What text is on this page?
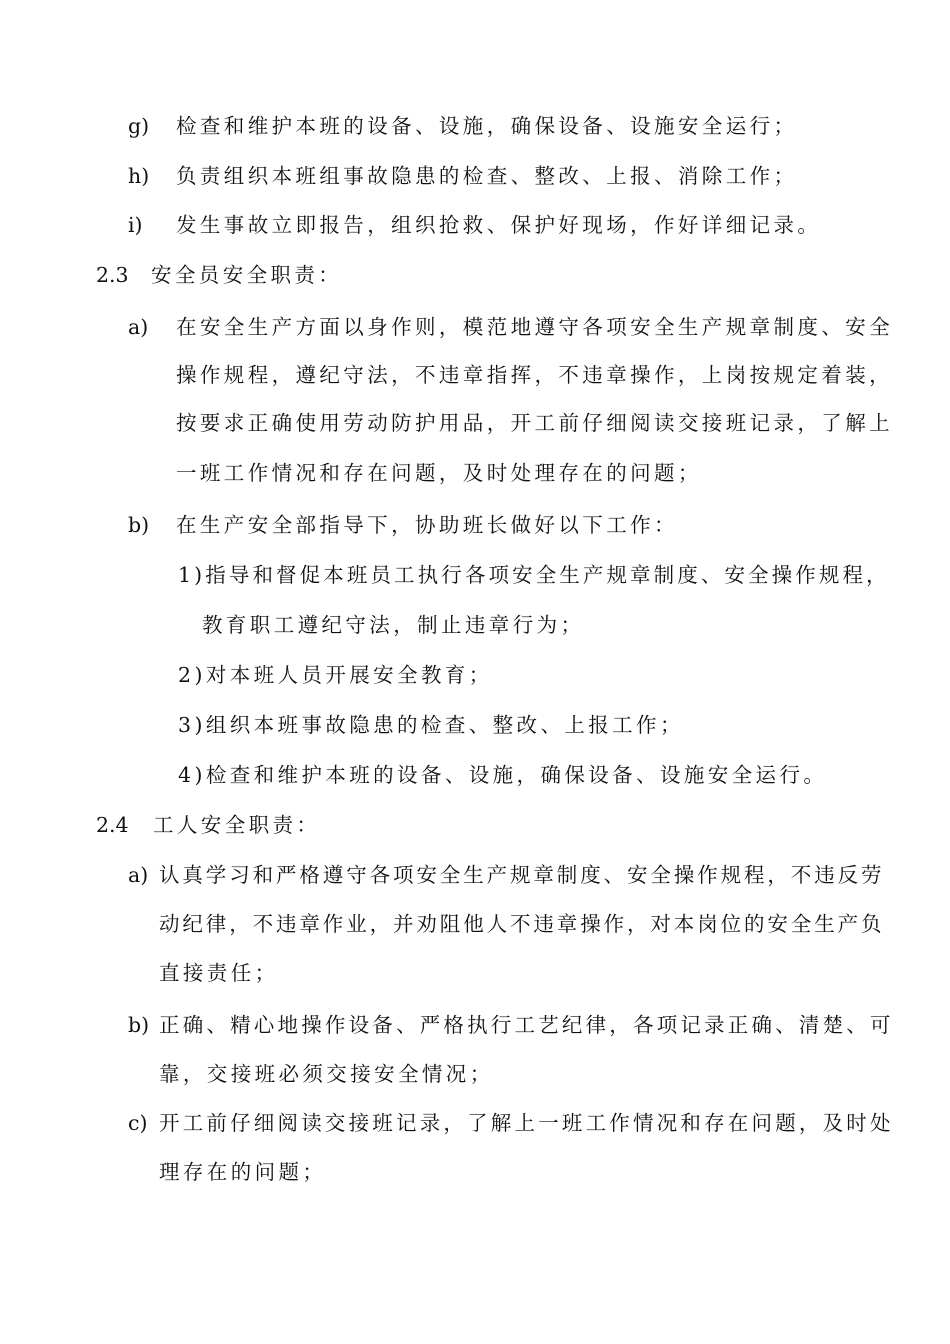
g) 检查和维护本班的设备、设施，确保设备、设施安全运行；
h) 负责组织本班组事故隐患的检查、整改、上报、消除工作；
i) 发生事故立即报告，组织抢救、保护好现场，作好详细记录。
2.3 安全员安全职责：
a) 在安全生产方面以身作则，模范地遵守各项安全生产规章制度、安全
操作规程，遵纪守法，不违章指挥，不违章操作，上岗按规定着装，
按要求正确使用劳动防护用品，开工前仔细阅读交接班记录，了解上
一班工作情况和存在问题，及时处理存在的问题；
b) 在生产安全部指导下，协助班长做好以下工作：
1)指导和督促本班员工执行各项安全生产规章制度、安全操作规程，
教育职工遵纪守法，制止违章行为；
2)对本班人员开展安全教育；
3)组织本班事故隐患的检查、整改、上报工作；
4)检查和维护本班的设备、设施，确保设备、设施安全运行。
2.4 工人安全职责：
a) 认真学习和严格遵守各项安全生产规章制度、安全操作规程，不违反劳
动纪律，不违章作业，并劝阻他人不违章操作，对本岗位的安全生产负
直接责任；
b) 正确、精心地操作设备、严格执行工艺纪律，各项记录正确、清楚、可
靠，交接班必须交接安全情况；
c) 开工前仔细阅读交接班记录，了解上一班工作情况和存在问题，及时处
理存在的问题；
